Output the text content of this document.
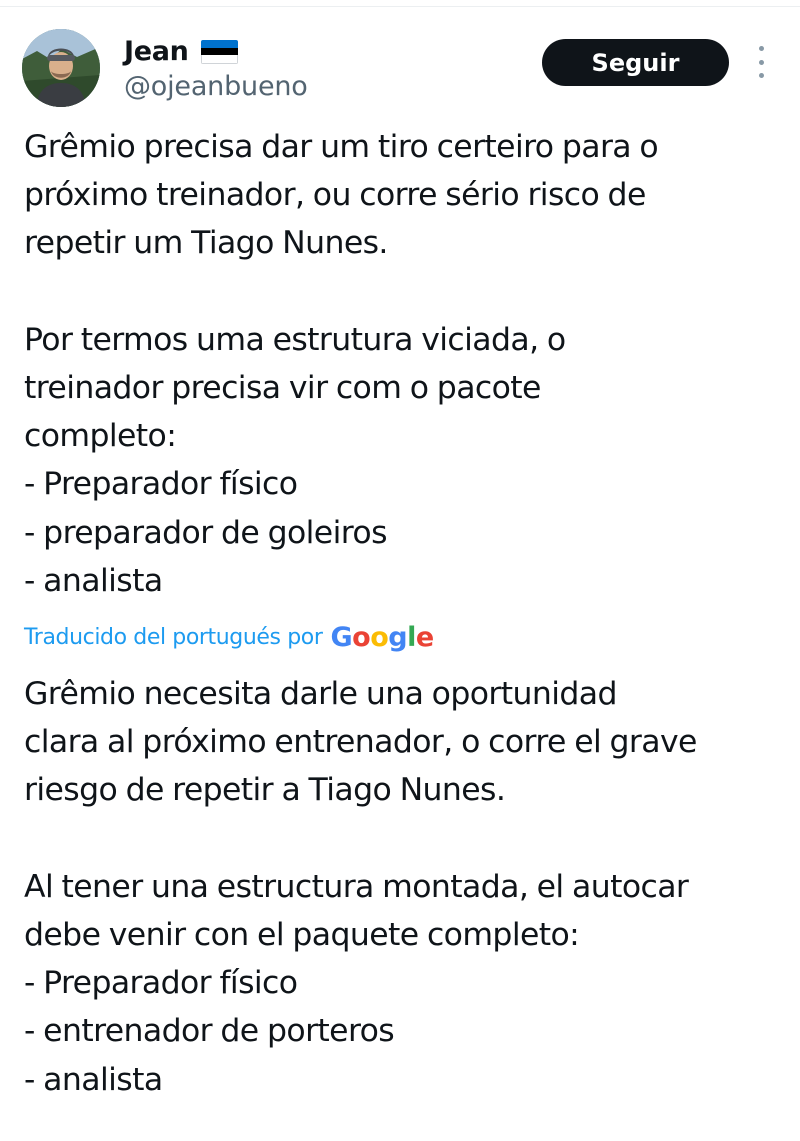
Jean
@ojeanbueno
Seguir
Grêmio precisa dar um tiro certeiro para o
próximo treinador, ou corre sério risco de
repetir um Tiago Nunes.

Por termos uma estrutura viciada, o
treinador precisa vir com o pacote
completo:
- Preparador físico
- preparador de goleiros
- analista
Traducido del portugués por Google
Grêmio necesita darle una oportunidad
clara al próximo entrenador, o corre el grave
riesgo de repetir a Tiago Nunes.

Al tener una estructura montada, el autocar
debe venir con el paquete completo:
- Preparador físico
- entrenador de porteros
- analista
